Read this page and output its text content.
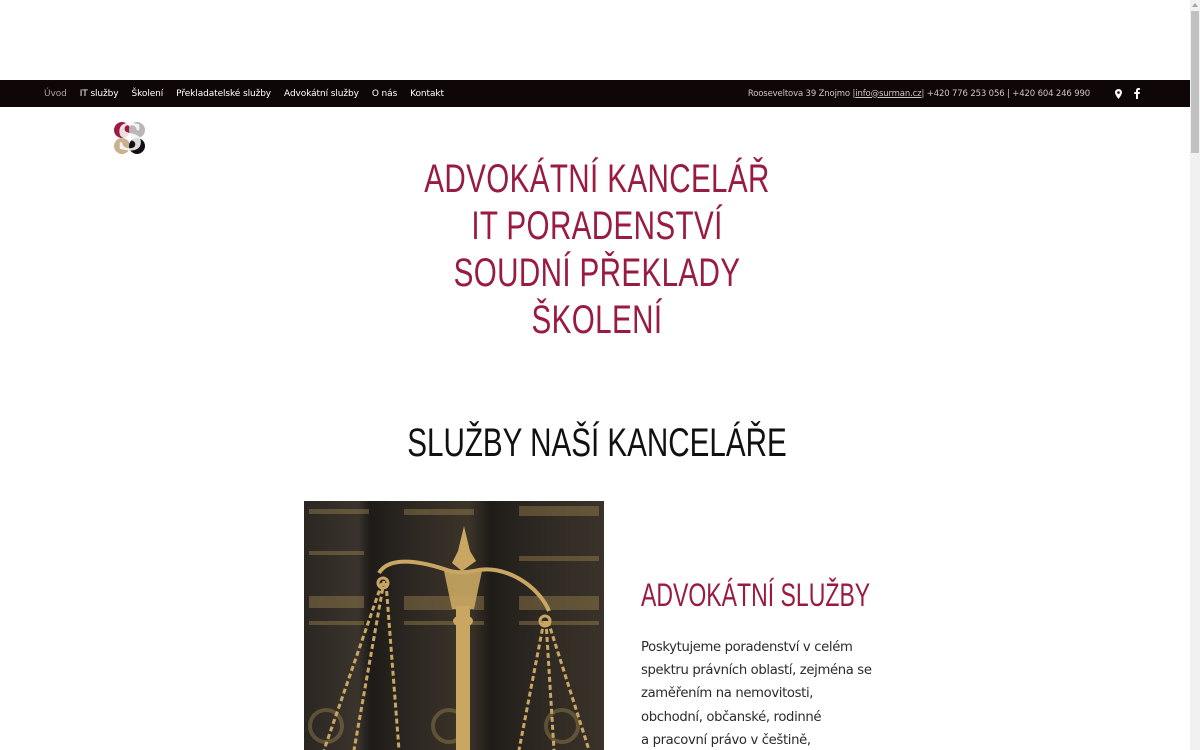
Úvod IT služby Školení Překladatelské služby Advokátní služby O nás Kontakt	Rooseveltova 39 Znojmo | info@surman.cz | +420 776 253 056 | +420 604 246 990
S
ADVOKÁTNÍ KANCELÁŘ
IT PORADENSTVÍ
SOUDNÍ PŘEKLADY
ŠKOLENÍ
SLUŽBY NAŠÍ KANCELÁŘE
ADVOKÁTNÍ SLUŽBY
Poskytujeme poradenství v celém
spektru právních oblastí, zejména se
zaměřením na nemovitosti,
obchodní, občanské, rodinné
a pracovní právo v češtině,
